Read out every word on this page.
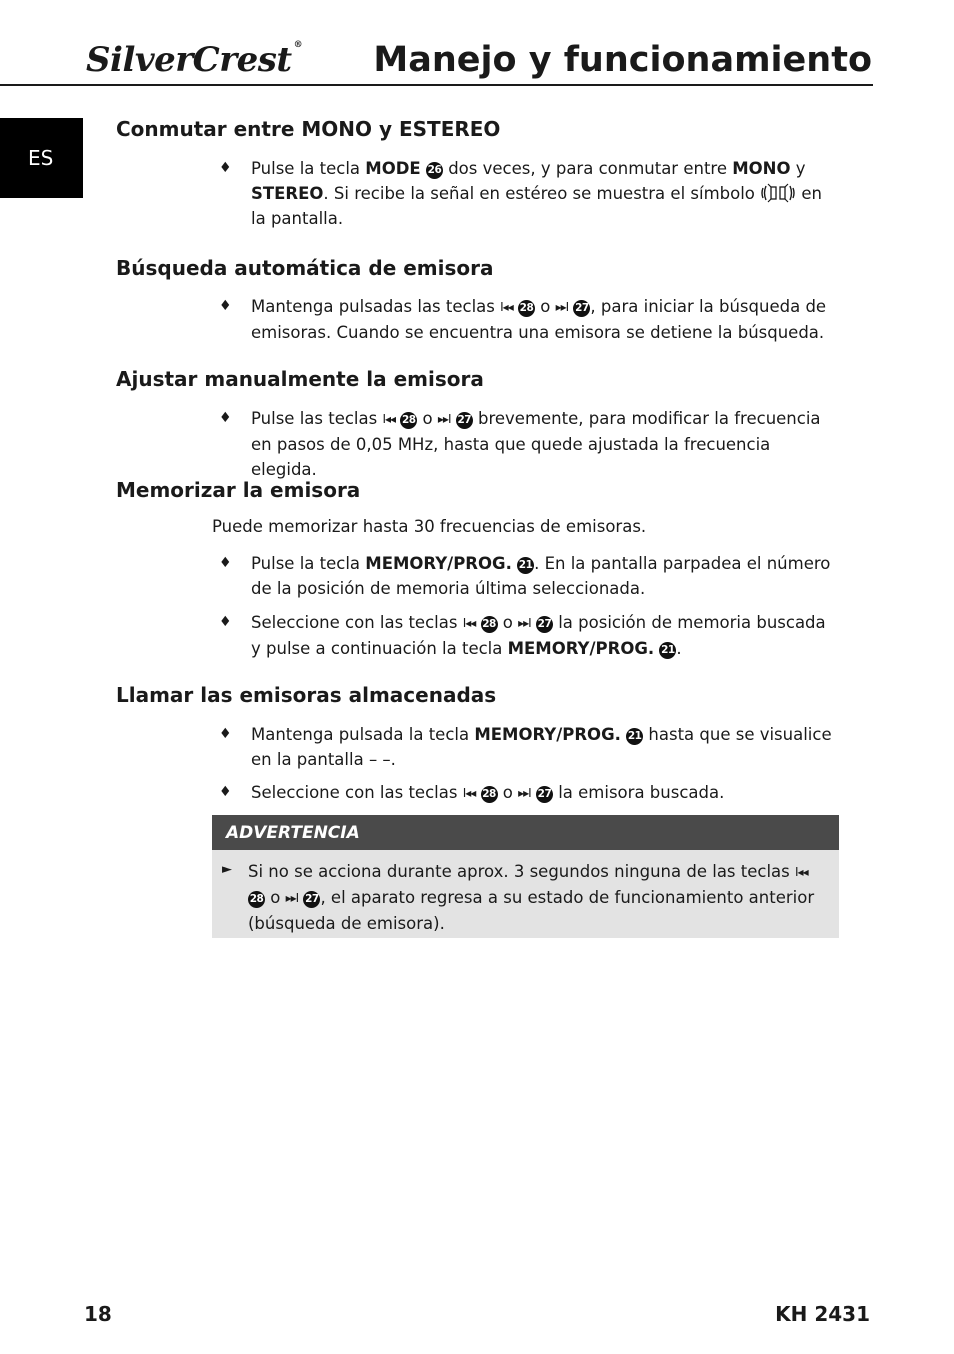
SilverCrest ® Manejo y funcionamiento
ES
Conmutar entre MONO y ESTEREO
♦	Pulse la tecla MODE 26 dos veces, y para conmutar entre MONO y STEREO. Si recibe la señal en estéreo se muestra el símbolo  en la pantalla.
Búsqueda automática de emisora
♦	Mantenga pulsadas las teclas I◂◂ 28 o ▸▸I 27 , para iniciar la búsqueda de emisoras. Cuando se encuentra una emisora se detiene la búsqueda.
Ajustar manualmente la emisora
♦	Pulse las teclas I◂◂ 28 o ▸▸I 27 brevemente, para modificar la frecuencia en pasos de 0,05 MHz, hasta que quede ajustada la frecuencia elegida.
Memorizar la emisora
Puede memorizar hasta 30 frecuencias de emisoras.
♦	Pulse la tecla MEMORY/PROG. 21 . En la pantalla parpadea el número de la posición de memoria última seleccionada.
♦	Seleccione con las teclas I◂◂ 28 o ▸▸I 27 la posición de memoria buscada y pulse a continuación la tecla MEMORY/PROG. 21 .
Llamar las emisoras almacenadas
♦	Mantenga pulsada la tecla MEMORY/PROG. 21 hasta que se visualice en la pantalla – –.
♦	Seleccione con las teclas I◂◂ 28 o ▸▸I 27 la emisora buscada.
ADVERTENCIA
► Si no se acciona durante aprox. 3 segundos ninguna de las teclas I◂◂ 28 o ▸▸I 27 , el aparato regresa a su estado de funcionamiento anterior (búsqueda de emisora).
18	KH 2431
